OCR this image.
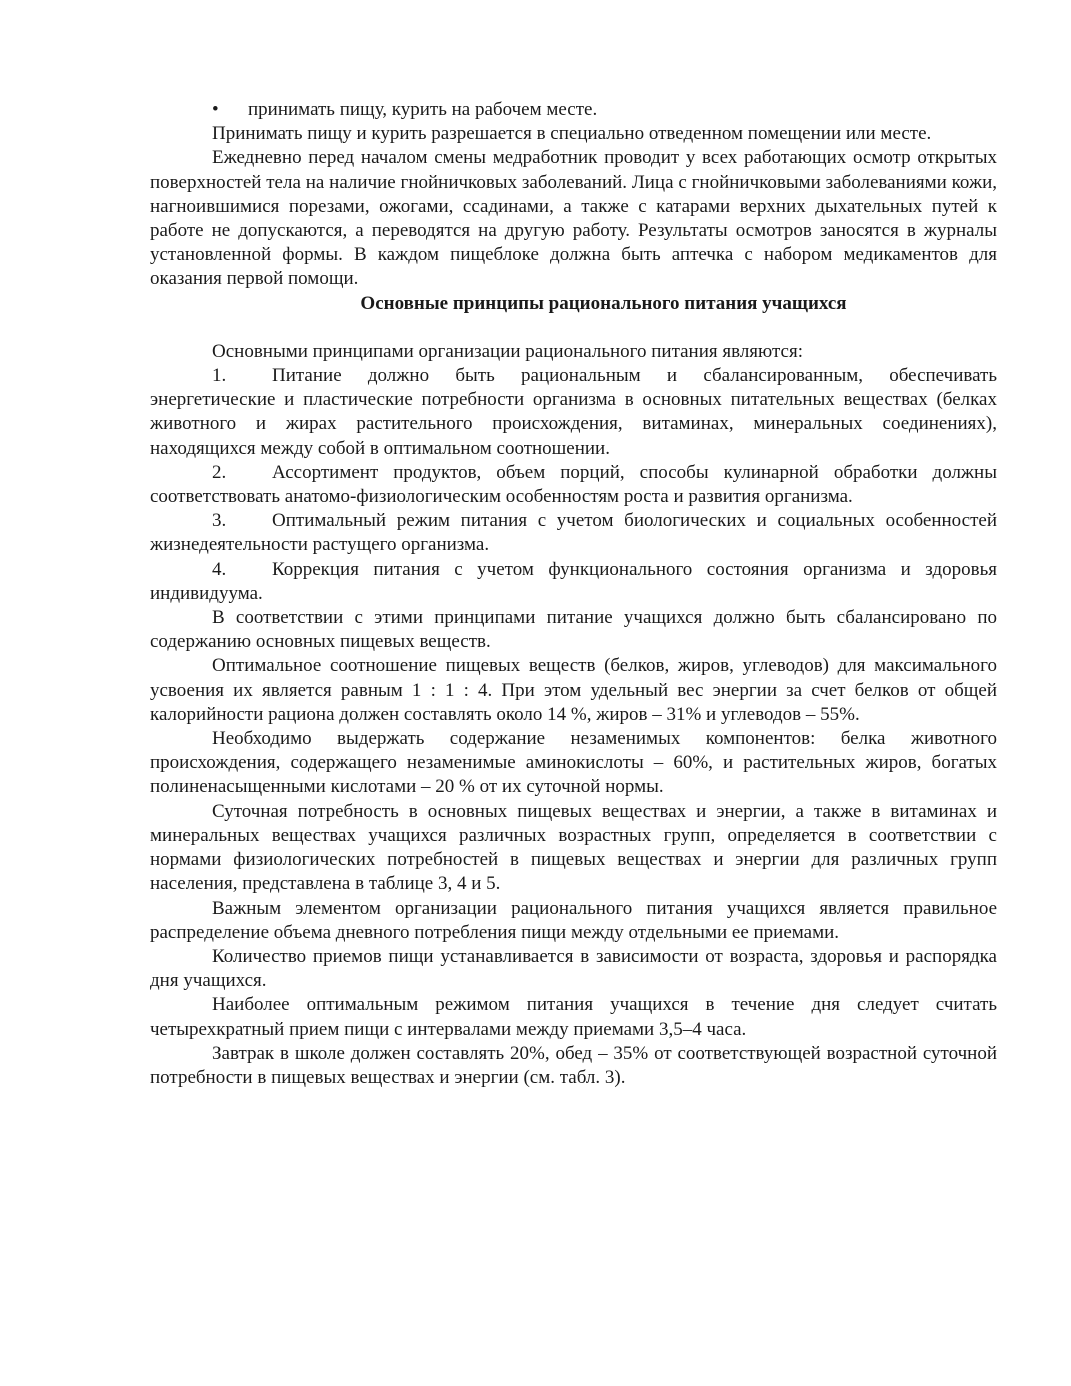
• принимать пищу, курить на рабочем месте.

Принимать пищу и курить разрешается в специально отведенном помещении или месте.

Ежедневно перед началом смены медработник проводит у всех работающих осмотр открытых поверхностей тела на наличие гнойничковых заболеваний. Лица с гнойничковыми заболеваниями кожи, нагноившимися порезами, ожогами, ссадинами, а также с катарами верхних дыхательных путей к работе не допускаются, а переводятся на другую работу. Результаты осмотров заносятся в журналы установленной формы. В каждом пищеблоке должна быть аптечка с набором медикаментов для оказания первой помощи.

Основные принципы рационального питания учащихся

Основными принципами организации рационального питания являются:

1. Питание должно быть рациональным и сбалансированным, обеспечивать энергетические и пластические потребности организма в основных питательных веществах (белках животного и жирах растительного происхождения, витаминах, минеральных соединениях), находящихся между собой в оптимальном соотношении.

2. Ассортимент продуктов, объем порций, способы кулинарной обработки должны соответствовать анатомо-физиологическим особенностям роста и развития организма.

3. Оптимальный режим питания с учетом биологических и социальных особенностей жизнедеятельности растущего организма.

4. Коррекция питания с учетом функционального состояния организма и здоровья индивидуума.

В соответствии с этими принципами питание учащихся должно быть сбалансировано по содержанию основных пищевых веществ.

Оптимальное соотношение пищевых веществ (белков, жиров, углеводов) для максимального усвоения их является равным 1 : 1 : 4. При этом удельный вес энергии за счет белков от общей калорийности рациона должен составлять около 14 %, жиров – 31% и углеводов – 55%.

Необходимо выдержать содержание незаменимых компонентов: белка животного происхождения, содержащего незаменимые аминокислоты – 60%, и растительных жиров, богатых полиненасыщенными кислотами – 20 % от их суточной нормы.

Суточная потребность в основных пищевых веществах и энергии, а также в витаминах и минеральных веществах учащихся различных возрастных групп, определяется в соответствии с нормами физиологических потребностей в пищевых веществах и энергии для различных групп населения, представлена в таблице 3, 4 и 5.

Важным элементом организации рационального питания учащихся является правильное распределение объема дневного потребления пищи между отдельными ее приемами.

Количество приемов пищи устанавливается в зависимости от возраста, здоровья и распорядка дня учащихся.

Наиболее оптимальным режимом питания учащихся в течение дня следует считать четырехкратный прием пищи с интервалами между приемами 3,5–4 часа.

Завтрак в школе должен составлять 20%, обед – 35% от соответствующей возрастной суточной потребности в пищевых веществах и энергии (см. табл. 3).
